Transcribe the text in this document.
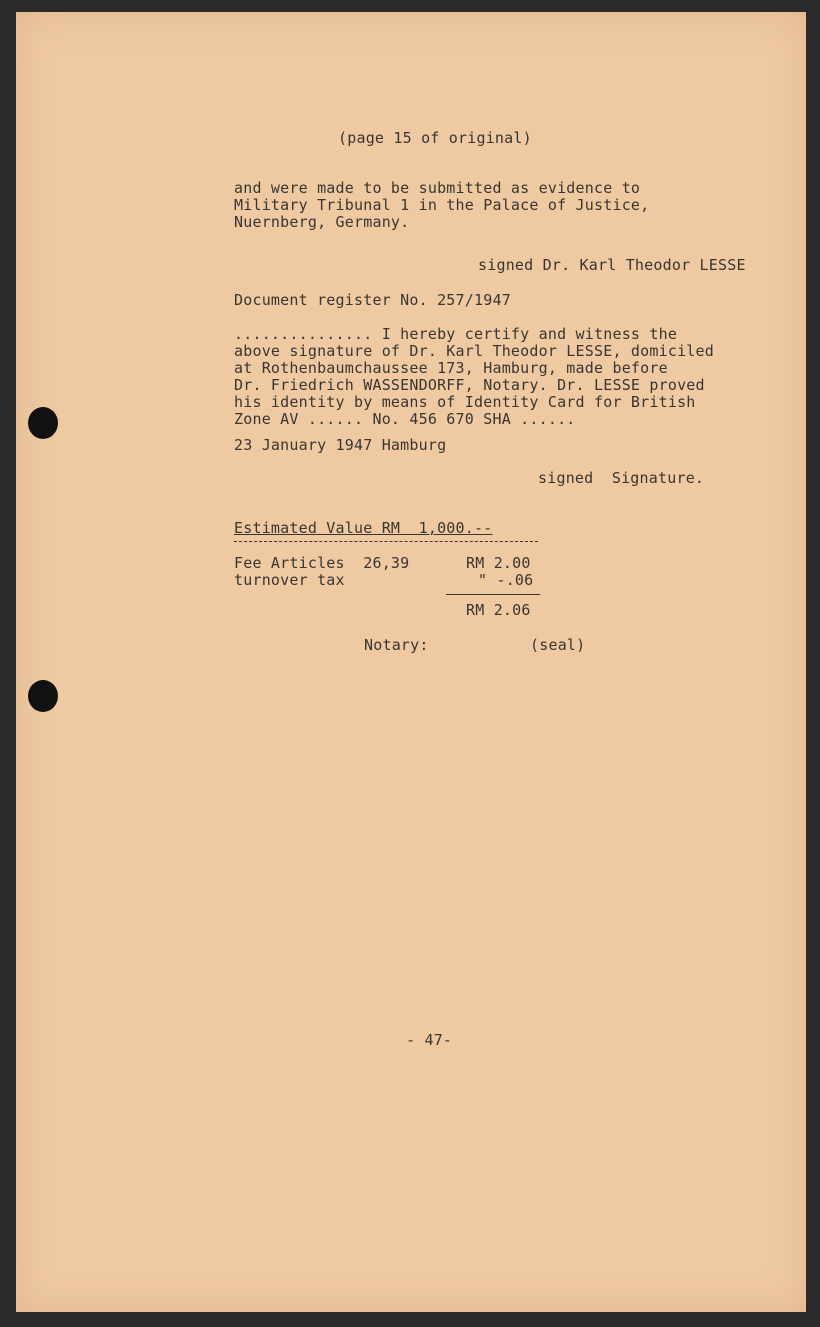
(page 15 of original)
and were made to be submitted as evidence to
Military Tribunal 1 in the Palace of Justice,
Nuernberg, Germany.
signed Dr. Karl Theodor LESSE
Document register No. 257/1947
............... I hereby certify and witness the
above signature of Dr. Karl Theodor LESSE, domiciled
at Rothenbaumchaussee 173, Hamburg, made before
Dr. Friedrich WASSENDORFF, Notary. Dr. LESSE proved
his identity by means of Identity Card for British
Zone AV ...... No. 456 670 SHA ......
23 January 1947 Hamburg
signed  Signature.
Estimated Value RM  1,000.--
Fee Articles  26,39	RM 2.00
turnover tax	" -.06
RM 2.06
Notary:	(seal)
- 47-
